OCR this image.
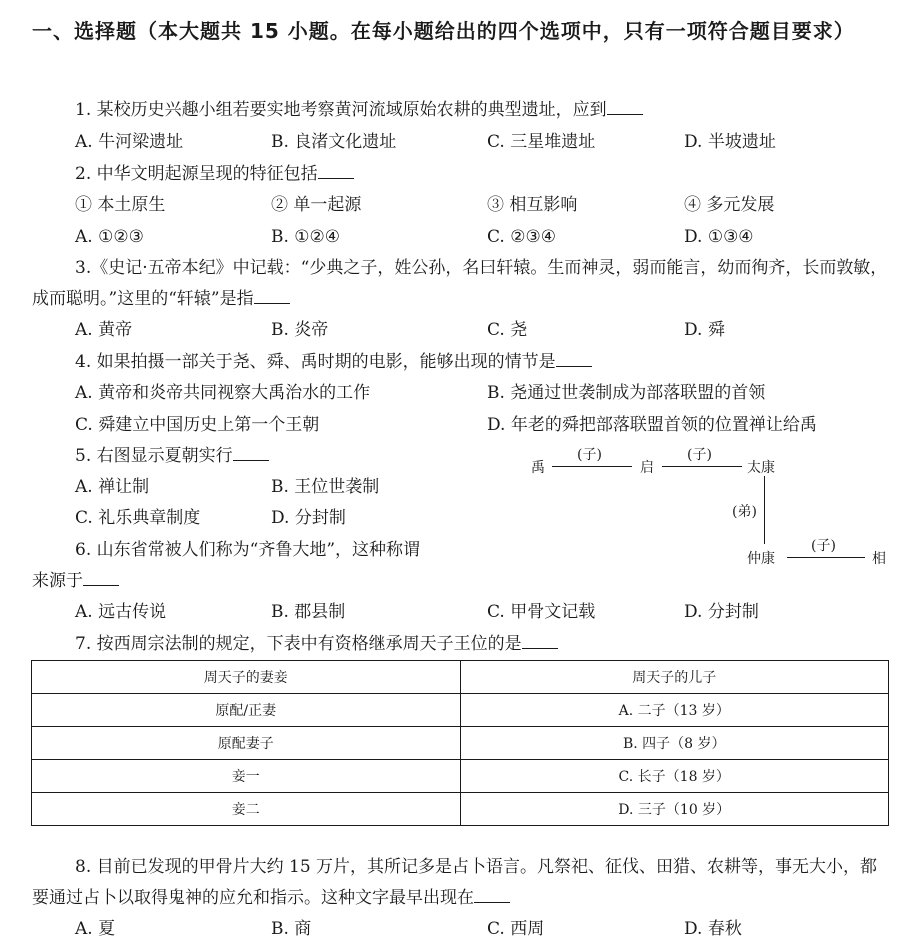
一、选择题（本大题共 15 小题。在每小题给出的四个选项中，只有一项符合题目要求）
1. 某校历史兴趣小组若要实地考察黄河流域原始农耕的典型遗址，应到
A. 牛河梁遗址	B. 良渚文化遗址	C. 三星堆遗址	D. 半坡遗址
2. 中华文明起源呈现的特征包括
① 本土原生	② 单一起源	③ 相互影响	④ 多元发展
A. ①②③	B. ①②④	C. ②③④	D. ①③④
3.《史记·五帝本纪》中记载：“少典之子，姓公孙，名曰轩辕。生而神灵，弱而能言，幼而徇齐，长而敦敏，成而聪明。”这里的“轩辕”是指
A. 黄帝	B. 炎帝	C. 尧	D. 舜
4. 如果拍摄一部关于尧、舜、禹时期的电影，能够出现的情节是
A. 黄帝和炎帝共同视察大禹治水的工作	B. 尧通过世袭制成为部落联盟的首领
C. 舜建立中国历史上第一个王朝	D. 年老的舜把部落联盟首领的位置禅让给禹
5. 右图显示夏朝实行
A. 禅让制	B. 王位世袭制
C. 礼乐典章制度	D. 分封制
禹
(子)
启
(子)
太康
(弟)
仲康
(子)
相
6. 山东省常被人们称为“齐鲁大地”，这种称谓
来源于
A. 远古传说	B. 郡县制	C. 甲骨文记载	D. 分封制
7. 按西周宗法制的规定，下表中有资格继承周天子王位的是
周天子的妻妾	周天子的儿子
原配/正妻	A. 二子（13 岁）
原配妻子	B. 四子（8 岁）
妾一	C. 长子（18 岁）
妾二	D. 三子（10 岁）
8. 目前已发现的甲骨片大约 15 万片，其所记多是占卜语言。凡祭祀、征伐、田猎、农耕等，事无大小，都要通过占卜以取得鬼神的应允和指示。这种文字最早出现在
A. 夏	B. 商	C. 西周	D. 春秋
